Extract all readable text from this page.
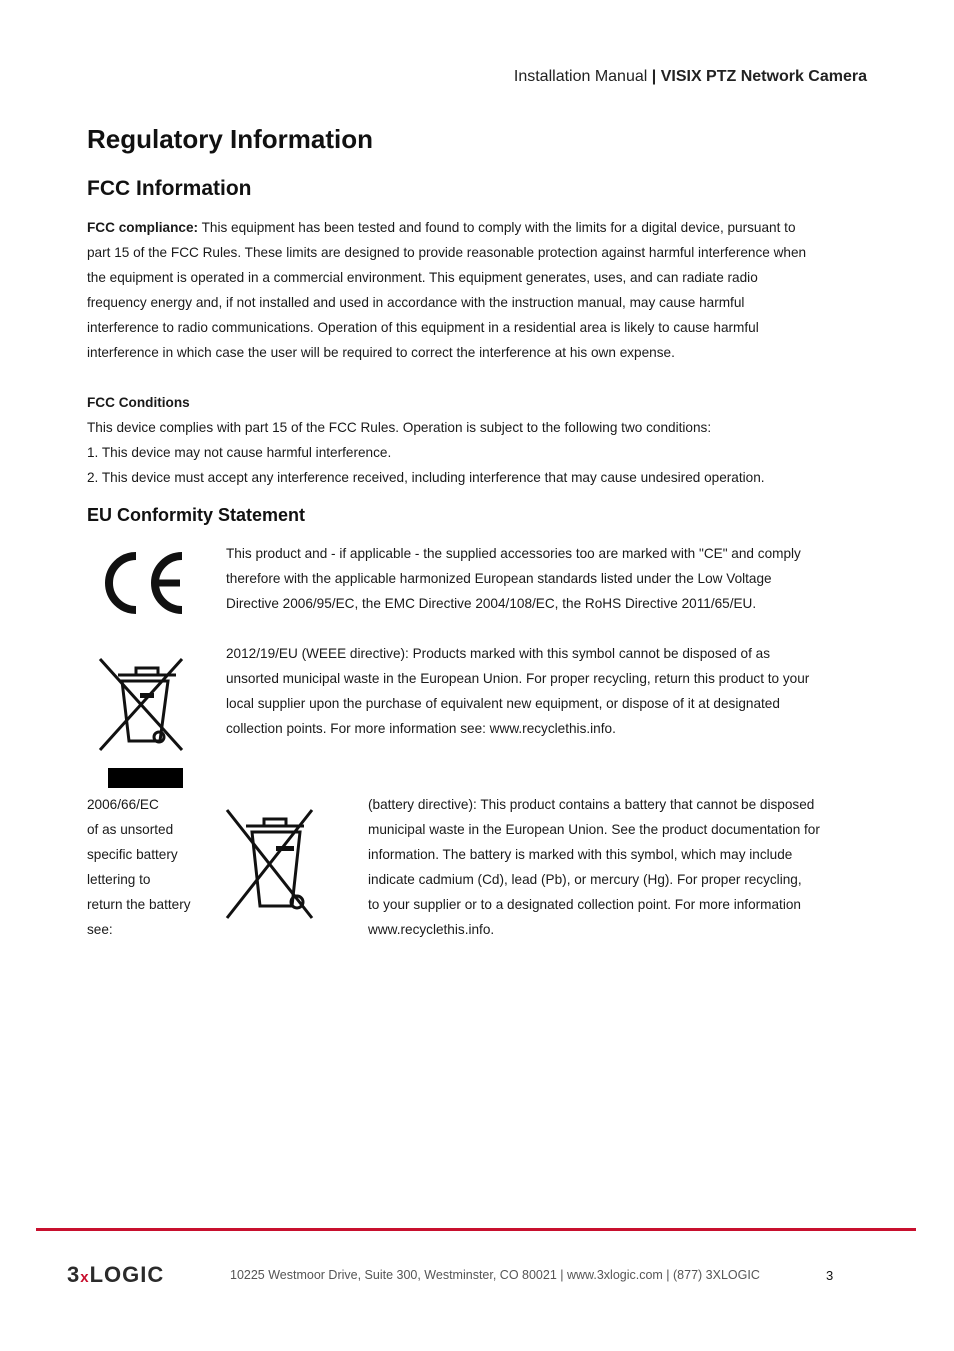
Installation Manual | VISIX PTZ Network Camera
Regulatory Information
FCC Information
FCC compliance: This equipment has been tested and found to comply with the limits for a digital device, pursuant to
part 15 of the FCC Rules. These limits are designed to provide reasonable protection against harmful interference when
the equipment is operated in a commercial environment. This equipment generates, uses, and can radiate radio
frequency energy and, if not installed and used in accordance with the instruction manual, may cause harmful
interference to radio communications. Operation of this equipment in a residential area is likely to cause harmful
interference in which case the user will be required to correct the interference at his own expense.
FCC Conditions
This device complies with part 15 of the FCC Rules. Operation is subject to the following two conditions:
1. This device may not cause harmful interference.
2. This device must accept any interference received, including interference that may cause undesired operation.
EU Conformity Statement
This product and - if applicable - the supplied accessories too are marked with "CE" and comply
therefore with the applicable harmonized European standards listed under the Low Voltage
Directive 2006/95/EC, the EMC Directive 2004/108/EC, the RoHS Directive 2011/65/EU.
2012/19/EU (WEEE directive): Products marked with this symbol cannot be disposed of as
unsorted municipal waste in the European Union. For proper recycling, return this product to your
local supplier upon the purchase of equivalent new equipment, or dispose of it at designated
collection points. For more information see: www.recyclethis.info.
2006/66/EC
of as unsorted
specific battery
lettering to
return the battery
see:
(battery directive): This product contains a battery that cannot be disposed
municipal waste in the European Union. See the product documentation for
information. The battery is marked with this symbol, which may include
indicate cadmium (Cd), lead (Pb), or mercury (Hg). For proper recycling,
to your supplier or to a designated collection point. For more information
www.recyclethis.info.
3xLOGIC	10225 Westmoor Drive, Suite 300, Westminster, CO 80021 | www.3xlogic.com | (877) 3XLOGIC	3
